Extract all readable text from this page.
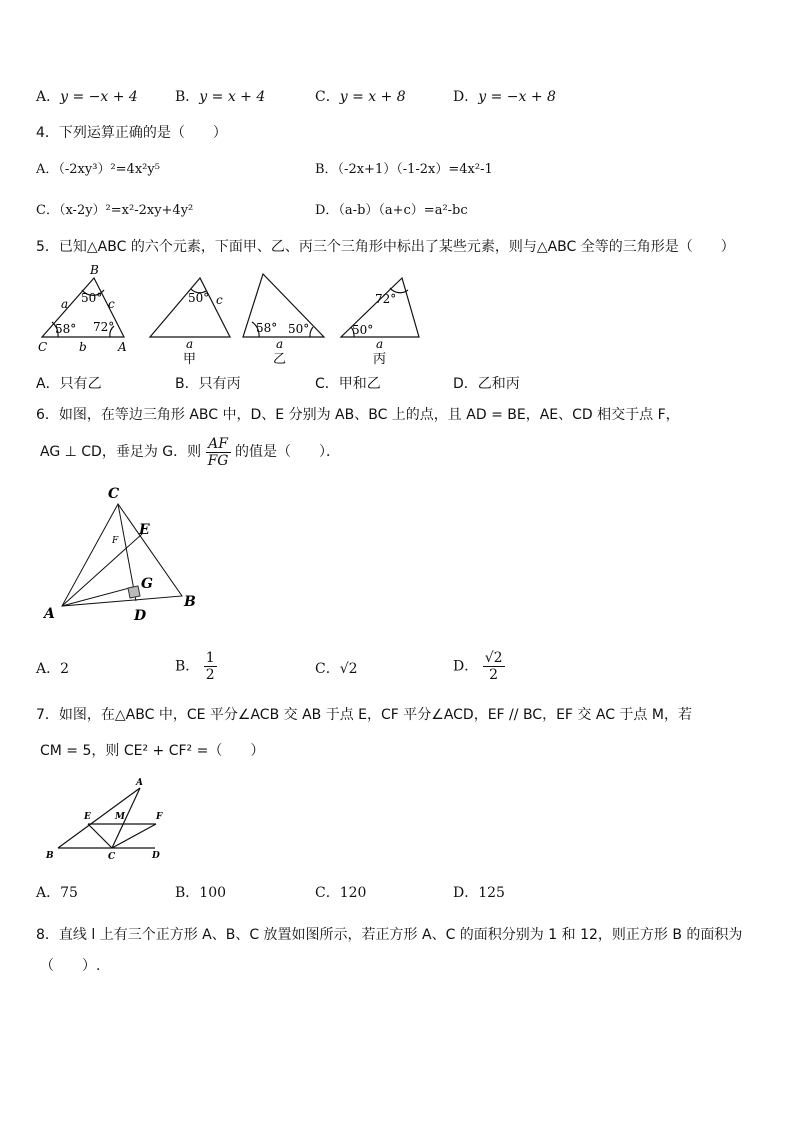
A．y = −x + 4	B．y = x + 4	C．y = x + 8	D．y = −x + 8
4．下列运算正确的是（　　）
A．（-2xy³）²=4x²y⁵	B．（-2x+1）（-1-2x）=4x²-1
C．（x-2y）²=x²-2xy+4y²	D．（a-b）（a+c）=a²-bc
5．已知△ABC 的六个元素，下面甲、乙、丙三个三角形中标出了某些元素，则与△ABC 全等的三角形是（　　）
B
C	A
a
b
c
50°
58° 72°
50° c
a
甲
58° 50°
a
乙
72°
50°
a
丙
A．只有乙	B．只有丙	C．甲和乙	D．乙和丙
6．如图，在等边三角形 ABC 中，D、E 分别为 AB、BC 上的点，且 AD = BE，AE、CD 相交于点 F，
AG ⊥ CD，垂足为 G．则 $\frac{AF}{FG}$ 的值是（　　）．
C
E
F
G
A	D
B
A．2	B． $\frac{1}{2}$	C．√2	D． $\frac{√2}{2}$
7．如图，在△ABC 中，CE 平分∠ACB 交 AB 于点 E，CF 平分∠ACD，EF // BC，EF 交 AC 于点 M，若
CM = 5，则 CE² + CF² =（　　）
A
E	M	F
B	C	D
A．75	B．100	C．120	D．125
8．直线 l 上有三个正方形 A、B、C 放置如图所示，若正方形 A、C 的面积分别为 1 和 12，则正方形 B 的面积为
（　　）.
